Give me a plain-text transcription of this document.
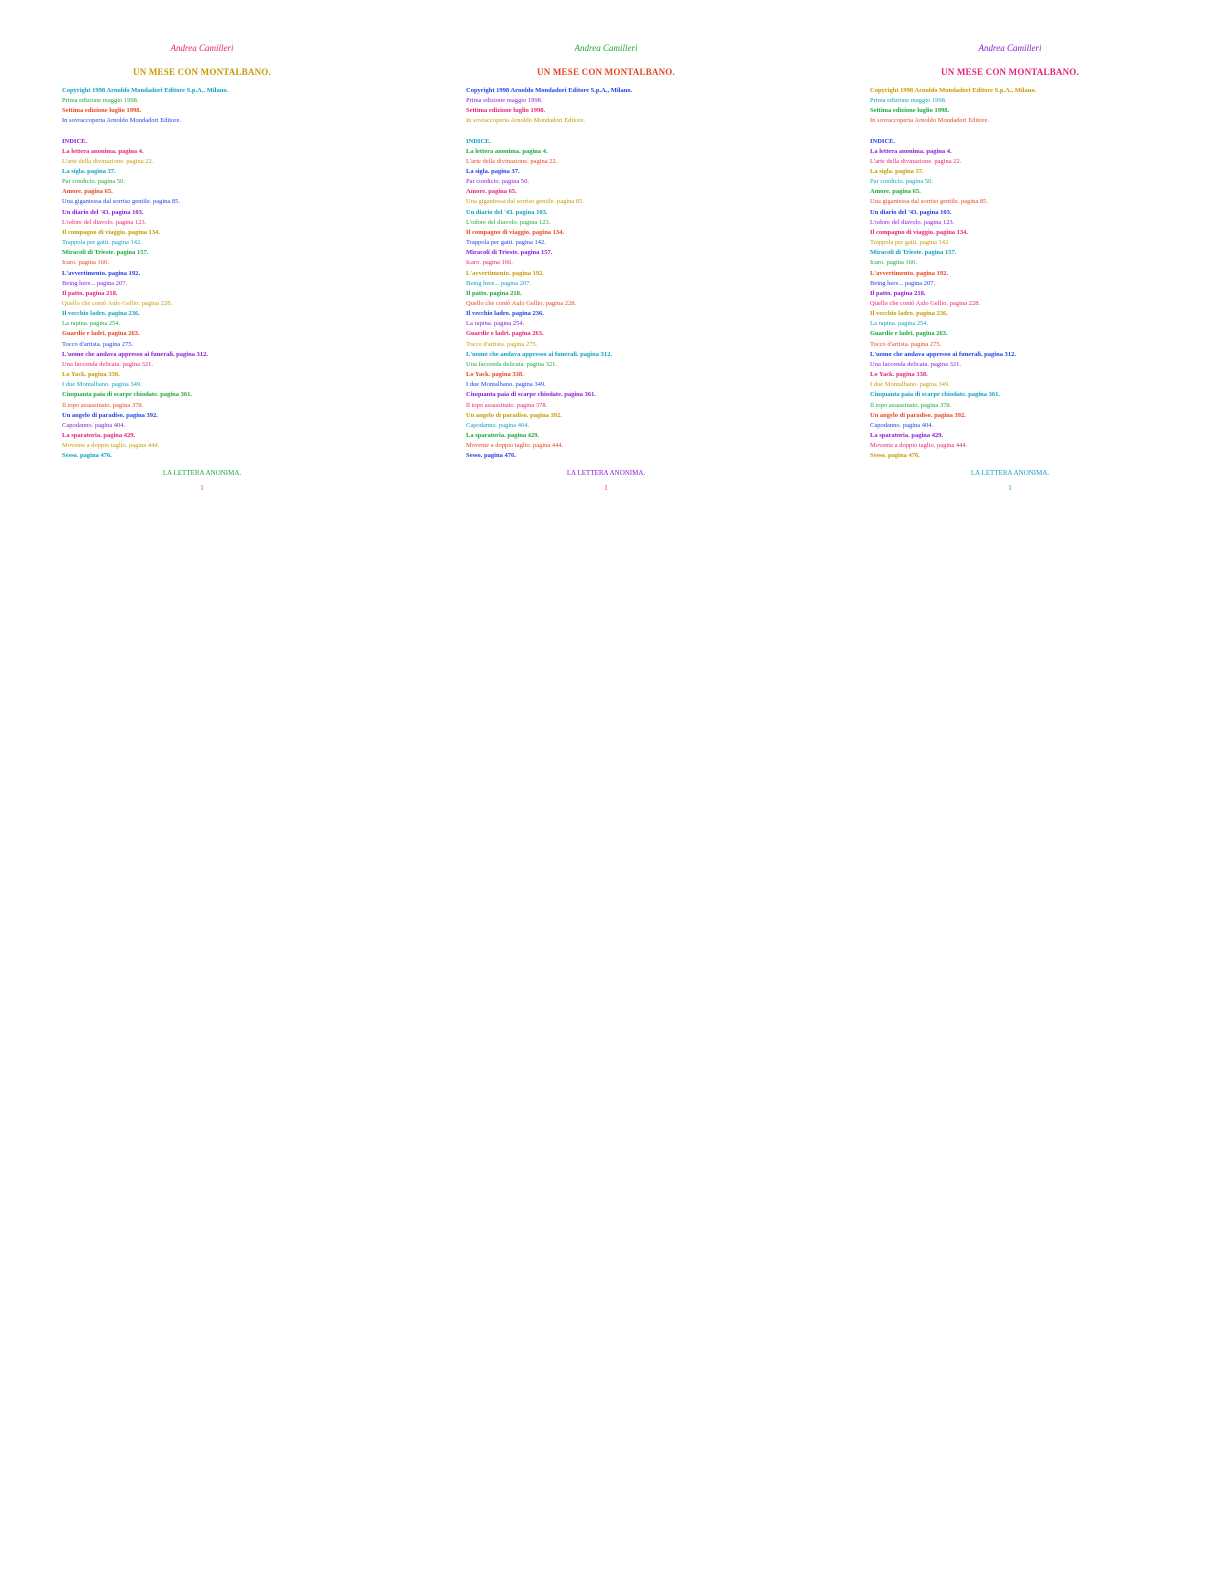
Andrea Camilleri
UN MESE CON MONTALBANO.
Copyright 1998 Arnoldo Mondadori Editore S.p.A., Milano.
Prima edizione maggio 1998.
Settima edizione luglio 1998.
In sovraccoperta Arnoldo Mondadori Editore.
INDICE.
La lettera anonima. pagina 4.
L'arte della divinazione. pagina 22.
La sigla. pagina 37.
Par condicio. pagina 50.
Amore. pagina 65.
Una gigantessa dal sorriso gentile. pagina 85.
Un diario del '43. pagina 103.
L'odore del diavolo. pagina 123.
Il compagno di viaggio. pagina 134.
Trappola per gatti. pagina 142.
Miracoli di Trieste. pagina 157.
Icaro. pagina 166.
L'avvertimento. pagina 192.
Being here... pagina 207.
Il patto. pagina 218.
Quello che contò Aulo Gellio. pagina 228.
Il vecchio ladro. pagina 236.
La rapina. pagina 254.
Guardie e ladri. pagina 263.
Tocco d'artista. pagina 275.
L'uomo che andava appresso ai funerali. pagina 312.
Una faccenda delicata. pagina 321.
Lo Yack. pagina 338.
I due Montalbano. pagina 349.
Cinquanta paia di scarpe chiodate. pagina 361.
Il topo assassinato. pagina 378.
Un angelo di paradiso. pagina 392.
Capodanno. pagina 404.
La sparatoria. pagina 429.
Movente a doppio taglio. pagina 444.
Sesso. pagina 476.
LA LETTERA ANONIMA.
1
Andrea Camilleri
UN MESE CON MONTALBANO.
Copyright 1998 Arnoldo Mondadori Editore S.p.A., Milano.
Prima edizione maggio 1998.
Settima edizione luglio 1998.
In sovraccoperta Arnoldo Mondadori Editore.
INDICE.
La lettera anonima. pagina 4.
L'arte della divinazione. pagina 22.
La sigla. pagina 37.
Par condicio. pagina 50.
Amore. pagina 65.
Una gigantessa dal sorriso gentile. pagina 85.
Un diario del '43. pagina 103.
L'odore del diavolo. pagina 123.
Il compagno di viaggio. pagina 134.
Trappola per gatti. pagina 142.
Miracoli di Trieste. pagina 157.
Icaro. pagina 166.
L'avvertimento. pagina 192.
Being here... pagina 207.
Il patto. pagina 218.
Quello che contò Aulo Gellio. pagina 228.
Il vecchio ladro. pagina 236.
La rapina. pagina 254.
Guardie e ladri. pagina 263.
Tocco d'artista. pagina 275.
L'uomo che andava appresso ai funerali. pagina 312.
Una faccenda delicata. pagina 321.
Lo Yack. pagina 338.
I due Montalbano. pagina 349.
Cinquanta paia di scarpe chiodate. pagina 361.
Il topo assassinato. pagina 378.
Un angelo di paradiso. pagina 392.
Capodanno. pagina 404.
La sparatoria. pagina 429.
Movente a doppio taglio. pagina 444.
Sesso. pagina 476.
LA LETTERA ANONIMA.
1
Andrea Camilleri
UN MESE CON MONTALBANO.
Copyright 1998 Arnoldo Mondadori Editore S.p.A., Milano.
Prima edizione maggio 1998.
Settima edizione luglio 1998.
In sovraccoperta Arnoldo Mondadori Editore.
INDICE.
La lettera anonima. pagina 4.
L'arte della divinazione. pagina 22.
La sigla. pagina 37.
Par condicio. pagina 50.
Amore. pagina 65.
Una gigantessa dal sorriso gentile. pagina 85.
Un diario del '43. pagina 103.
L'odore del diavolo. pagina 123.
Il compagno di viaggio. pagina 134.
Trappola per gatti. pagina 142.
Miracoli di Trieste. pagina 157.
Icaro. pagina 166.
L'avvertimento. pagina 192.
Being here... pagina 207.
Il patto. pagina 218.
Quello che contò Aulo Gellio. pagina 228.
Il vecchio ladro. pagina 236.
La rapina. pagina 254.
Guardie e ladri. pagina 263.
Tocco d'artista. pagina 275.
L'uomo che andava appresso ai funerali. pagina 312.
Una faccenda delicata. pagina 321.
Lo Yack. pagina 338.
I due Montalbano. pagina 349.
Cinquanta paia di scarpe chiodate. pagina 361.
Il topo assassinato. pagina 378.
Un angelo di paradiso. pagina 392.
Capodanno. pagina 404.
La sparatoria. pagina 429.
Movente a doppio taglio. pagina 444.
Sesso. pagina 476.
LA LETTERA ANONIMA.
1
